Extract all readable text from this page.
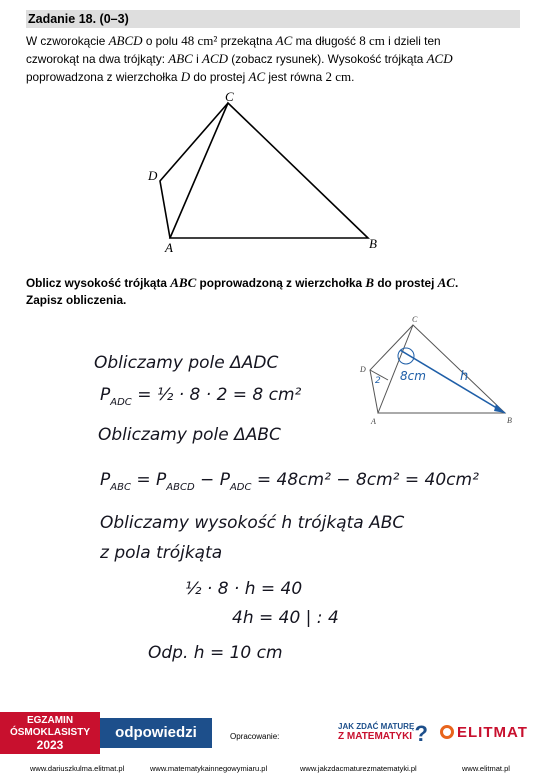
Zadanie 18. (0–3)

W czworokącie ABCD o polu 48 cm² przekątna AC ma długość 8 cm i dzieli ten

czworokąt na dwa trójkąty: ABC i ACD (zobacz rysunek). Wysokość trójkąta ACD

poprowadzona z wierzchołka D do prostej AC jest równa 2 cm.

C
D
A	B
C
D
A	B
h
8cm
2
Obliczamy pole ΔADC
$P_{ADC}$ = ½ · 8 · 2 = 8 cm²
Obliczamy pole ΔABC
$P_{ABC} = P_{ABCD} - P_{ADC} = 48cm^2 - 8cm^2 = 40cm^2$
Obliczamy wysokość h trójkąta ABC
z pola trójkąta
½ · 8 · h = 40
4h = 40 | : 4
Odp. h = 10 cm

Oblicz wysokość trójkąta ABC poprowadzoną z wierzchołka B do prostej AC.

Zapisz obliczenia.

EGZAMIN
ÓSMOKLASISTY
2023
odpowiedzi	Opracowanie:
JAK ZDAĆ MATURĘ
Z MATEMATYKI ?	ELITMAT
www.dariuszkulma.elitmat.pl	www.matematykainnegowymiaru.pl	www.jakzdacmaturezmatematyki.pl	www.elitmat.pl
